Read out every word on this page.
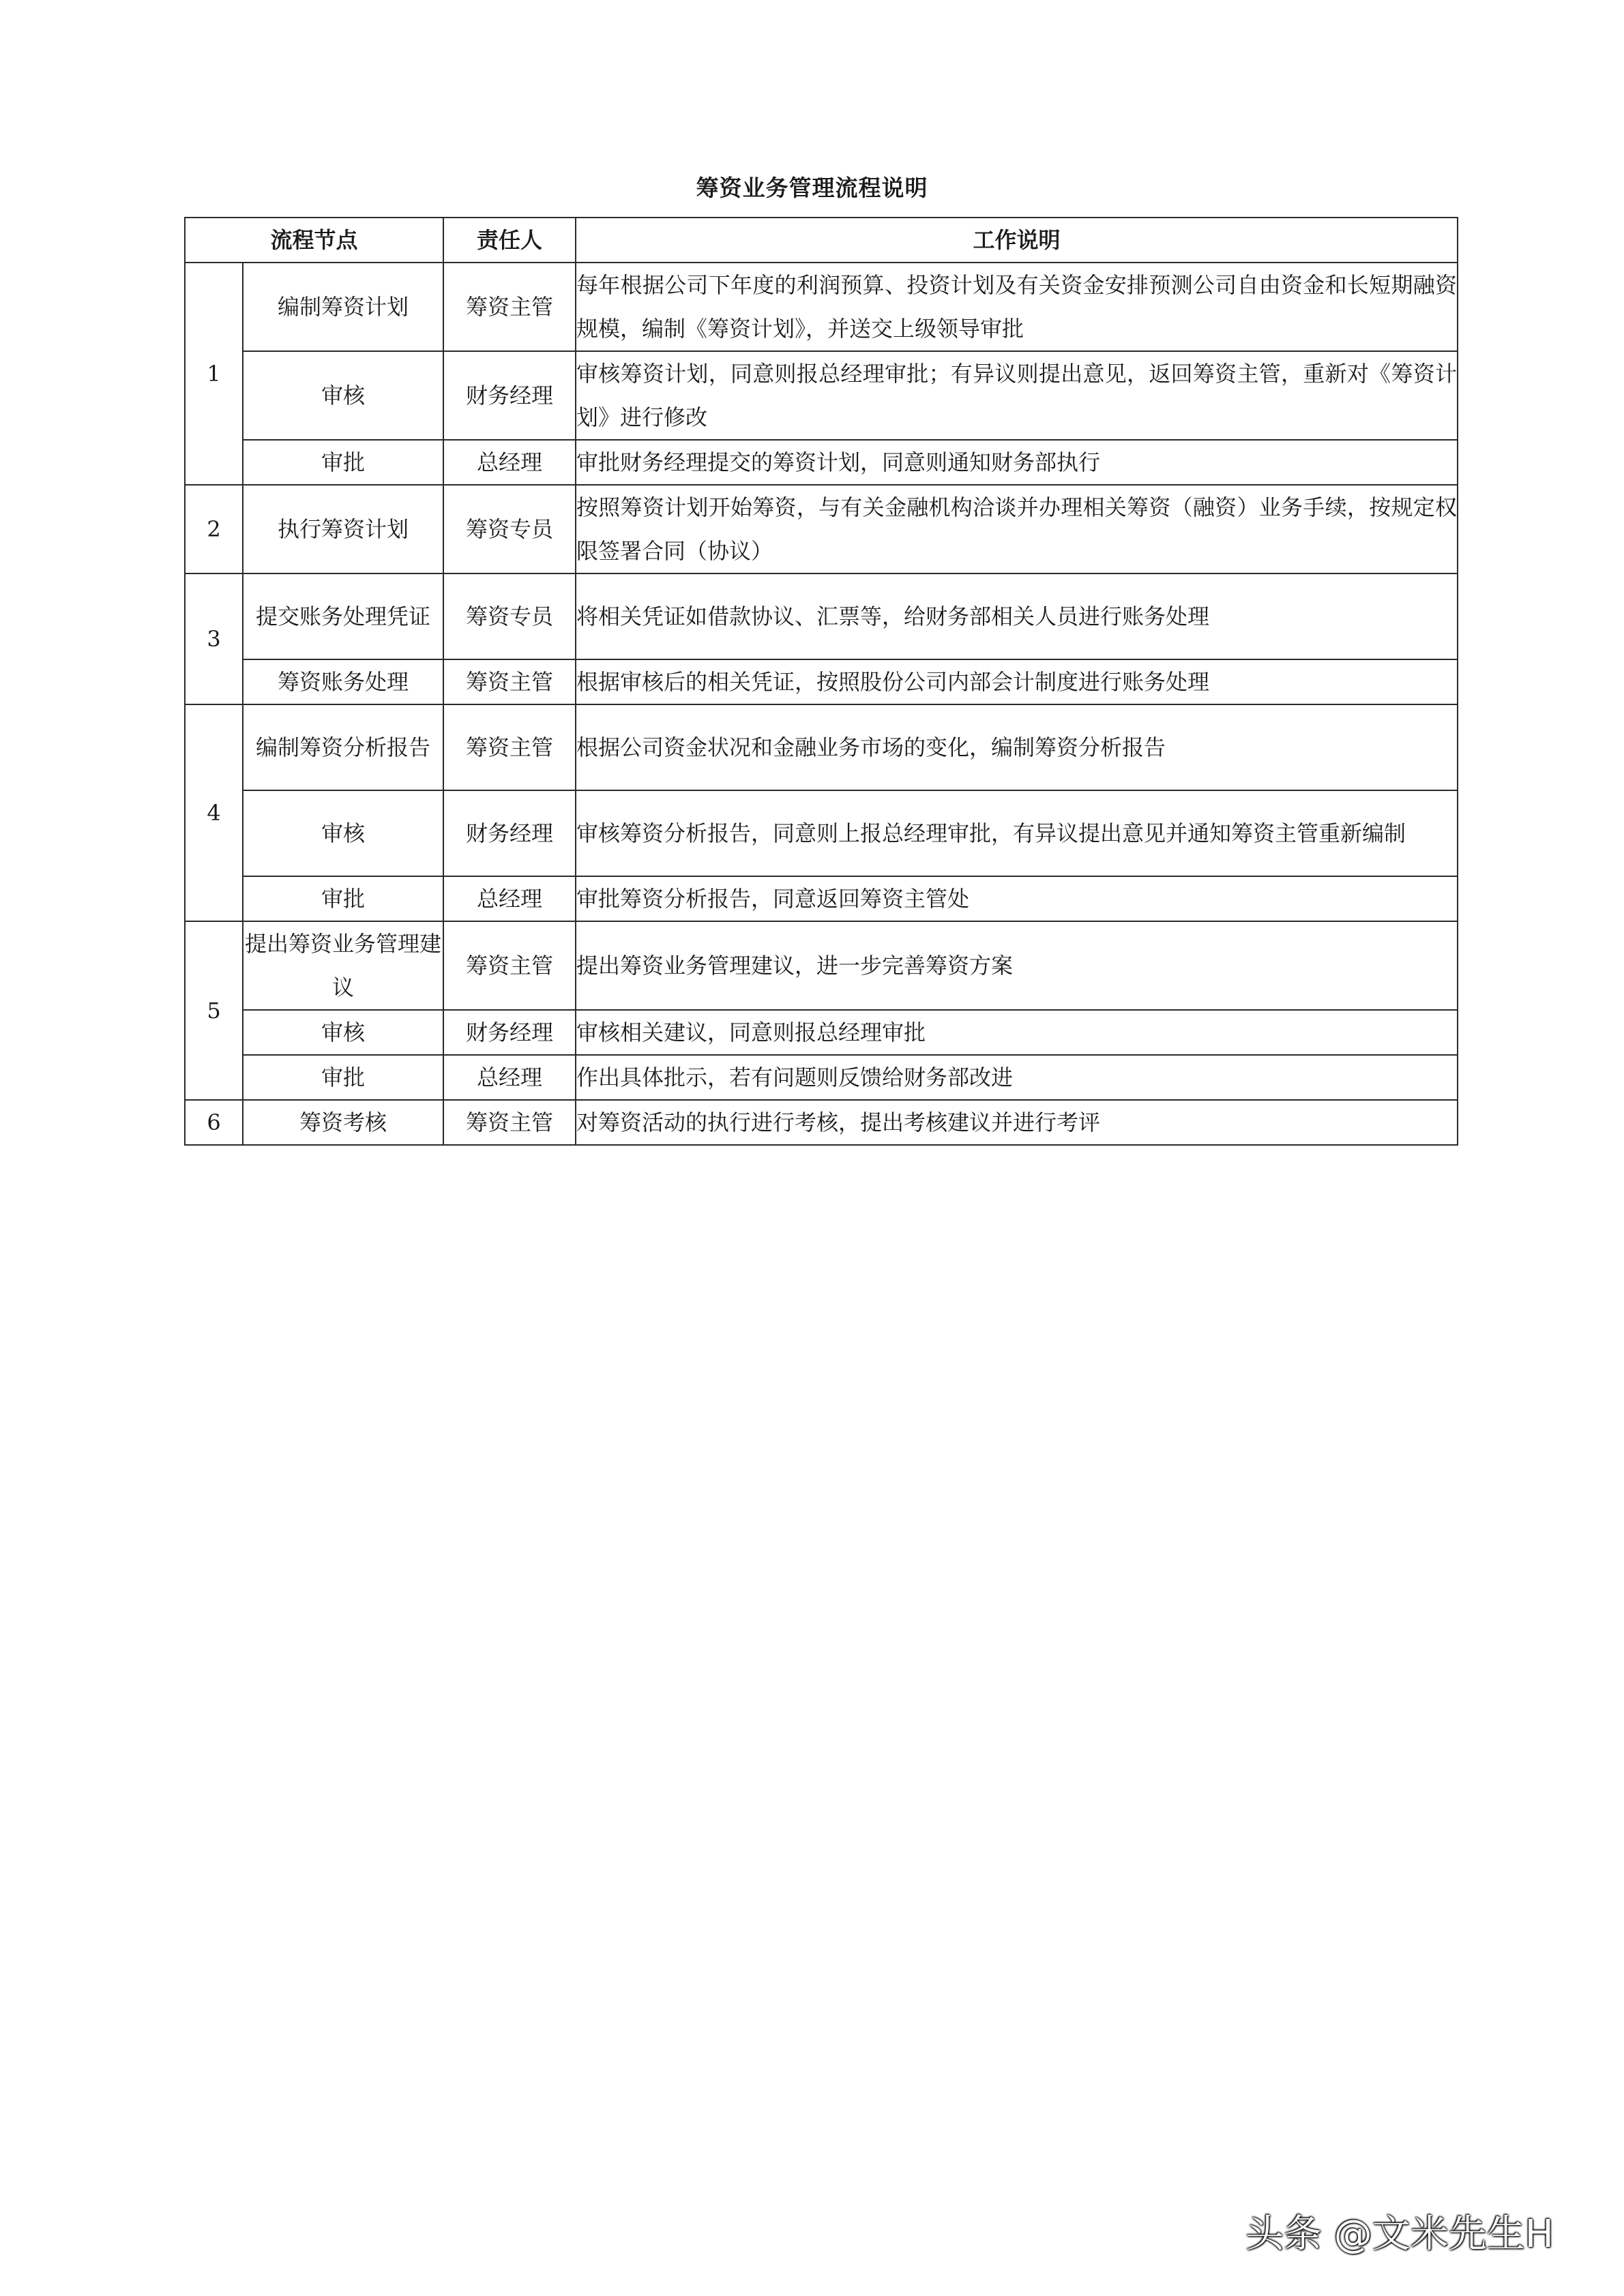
筹资业务管理流程说明
流程节点		责任人	工作说明
1	编制筹资计划	筹资主管	每年根据公司下年度的利润预算、投资计划及有关资金安排预测公司自由资金和长短期融资规模，编制《筹资计划》，并送交上级领导审批
	审核	财务经理	审核筹资计划，同意则报总经理审批；有异议则提出意见，返回筹资主管，重新对《筹资计划》进行修改
	审批	总经理	审批财务经理提交的筹资计划，同意则通知财务部执行
2	执行筹资计划	筹资专员	按照筹资计划开始筹资，与有关金融机构洽谈并办理相关筹资（融资）业务手续，按规定权限签署合同（协议）
3	提交账务处理凭证	筹资专员	将相关凭证如借款协议、汇票等，给财务部相关人员进行账务处理
	筹资账务处理	筹资主管	根据审核后的相关凭证，按照股份公司内部会计制度进行账务处理
4	编制筹资分析报告	筹资主管	根据公司资金状况和金融业务市场的变化，编制筹资分析报告
	审核	财务经理	审核筹资分析报告，同意则上报总经理审批，有异议提出意见并通知筹资主管重新编制
	审批	总经理	审批筹资分析报告，同意返回筹资主管处
5	提出筹资业务管理建议	筹资主管	提出筹资业务管理建议，进一步完善筹资方案
	审核	财务经理	审核相关建议，同意则报总经理审批
	审批	总经理	作出具体批示，若有问题则反馈给财务部改进
6	筹资考核	筹资主管	对筹资活动的执行进行考核，提出考核建议并进行考评
头条 @文米先生H
